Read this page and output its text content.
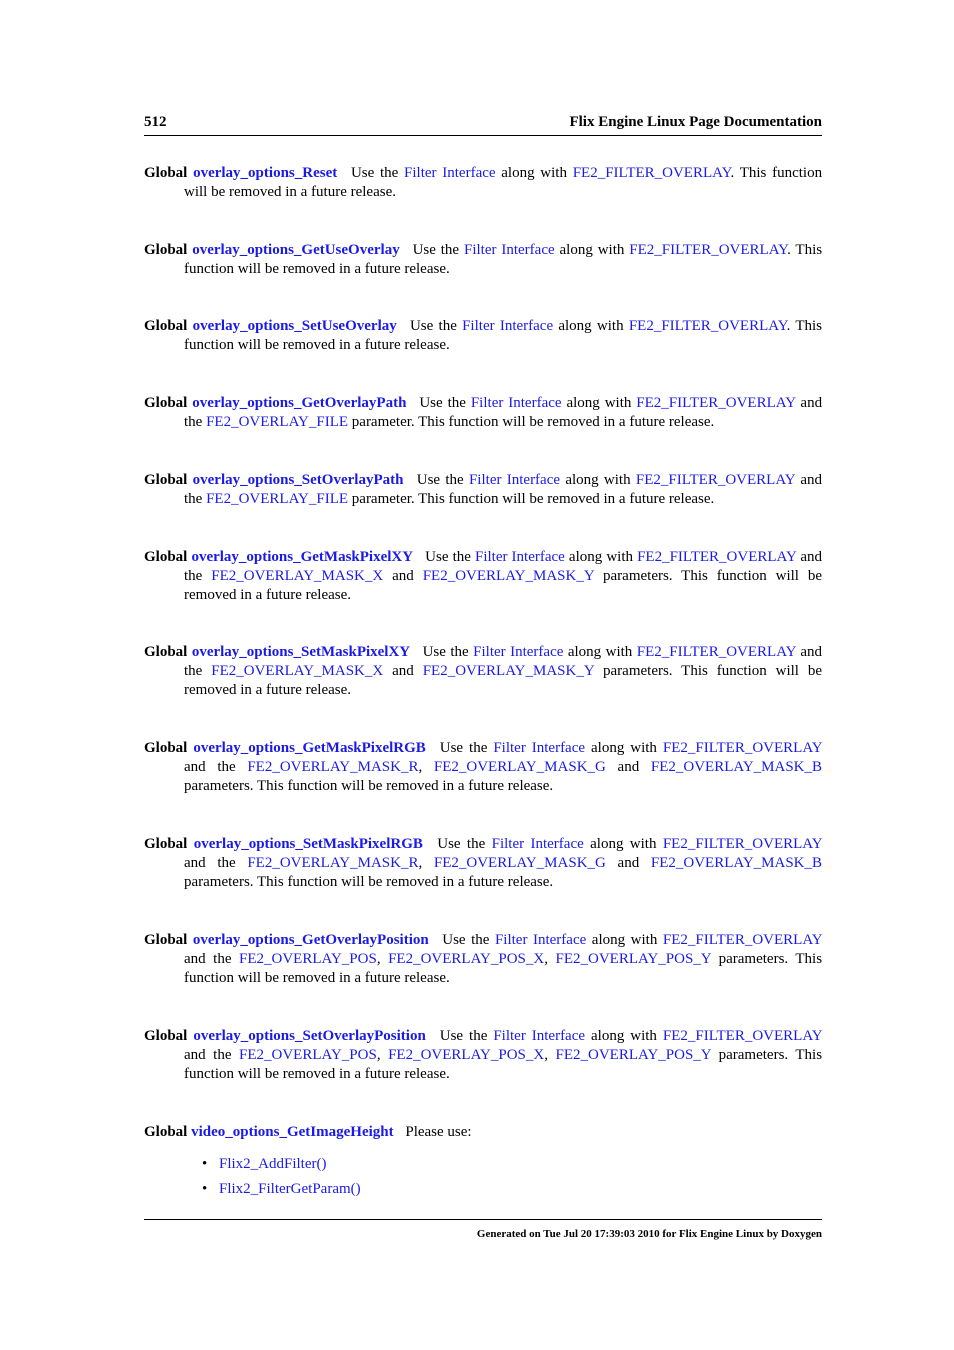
512	Flix Engine Linux Page Documentation

Global overlay_options_Reset Use the Filter Interface along with FE2_FILTER_OVERLAY. This function will be removed in a future release.

Global overlay_options_GetUseOverlay Use the Filter Interface along with FE2_FILTER_OVERLAY. This function will be removed in a future release.

Global overlay_options_SetUseOverlay Use the Filter Interface along with FE2_FILTER_OVERLAY. This function will be removed in a future release.

Global overlay_options_GetOverlayPath Use the Filter Interface along with FE2_FILTER_OVERLAY and the FE2_OVERLAY_FILE parameter. This function will be removed in a future release.

Global overlay_options_SetOverlayPath Use the Filter Interface along with FE2_FILTER_OVERLAY and the FE2_OVERLAY_FILE parameter. This function will be removed in a future release.

Global overlay_options_GetMaskPixelXY Use the Filter Interface along with FE2_FILTER_OVERLAY and the FE2_OVERLAY_MASK_X and FE2_OVERLAY_MASK_Y parameters. This function will be removed in a future release.

Global overlay_options_SetMaskPixelXY Use the Filter Interface along with FE2_FILTER_OVERLAY and the FE2_OVERLAY_MASK_X and FE2_OVERLAY_MASK_Y parameters. This function will be removed in a future release.

Global overlay_options_GetMaskPixelRGB Use the Filter Interface along with FE2_FILTER_OVERLAY and the FE2_OVERLAY_MASK_R, FE2_OVERLAY_MASK_G and FE2_OVERLAY_MASK_B parameters. This function will be removed in a future release.

Global overlay_options_SetMaskPixelRGB Use the Filter Interface along with FE2_FILTER_OVERLAY and the FE2_OVERLAY_MASK_R, FE2_OVERLAY_MASK_G and FE2_OVERLAY_MASK_B parameters. This function will be removed in a future release.

Global overlay_options_GetOverlayPosition Use the Filter Interface along with FE2_FILTER_OVERLAY and the FE2_OVERLAY_POS, FE2_OVERLAY_POS_X, FE2_OVERLAY_POS_Y parameters. This function will be removed in a future release.

Global overlay_options_SetOverlayPosition Use the Filter Interface along with FE2_FILTER_OVERLAY and the FE2_OVERLAY_POS, FE2_OVERLAY_POS_X, FE2_OVERLAY_POS_Y parameters. This function will be removed in a future release.

Global video_options_GetImageHeight Please use:

• Flix2_AddFilter()
• Flix2_FilterGetParam()
Generated on Tue Jul 20 17:39:03 2010 for Flix Engine Linux by Doxygen
